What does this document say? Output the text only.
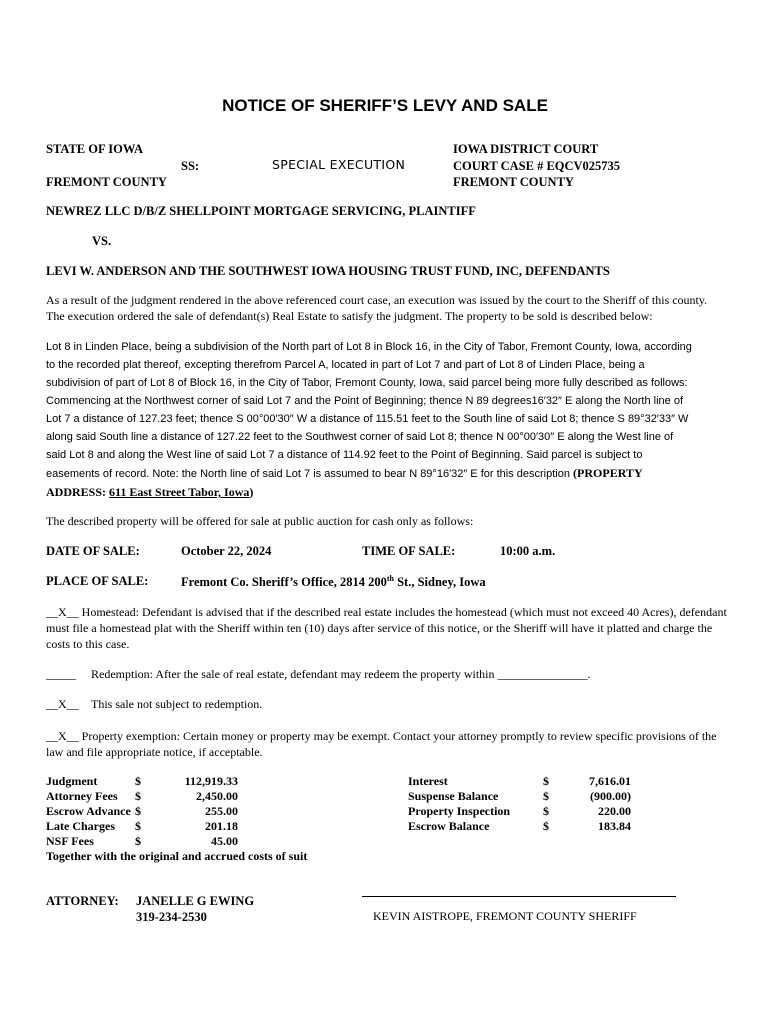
NOTICE OF SHERIFF’S LEVY AND SALE
STATE OF IOWA
SS:
FREMONT COUNTY
SPECIAL EXECUTION
IOWA DISTRICT COURT
COURT CASE # EQCV025735
FREMONT COUNTY
NEWREZ LLC D/B/Z SHELLPOINT MORTGAGE SERVICING, PLAINTIFF
VS.
LEVI W. ANDERSON AND THE SOUTHWEST IOWA HOUSING TRUST FUND, INC, DEFENDANTS
As a result of the judgment rendered in the above referenced court case, an execution was issued by the court to the Sheriff of this county. The execution ordered the sale of defendant(s) Real Estate to satisfy the judgment. The property to be sold is described below:
Lot 8 in Linden Place, being a subdivision of the North part of Lot 8 in Block 16, in the City of Tabor, Fremont County, Iowa, according
to the recorded plat thereof, excepting therefrom Parcel A, located in part of Lot 7 and part of Lot 8 of Linden Place, being a
subdivision of part of Lot 8 of Block 16, in the City of Tabor, Fremont County, Iowa, said parcel being more fully described as follows:
Commencing at the Northwest corner of said Lot 7 and the Point of Beginning; thence N 89 degrees16′32″ E along the North line of
Lot 7 a distance of 127.23 feet; thence S 00°00′30″ W a distance of 115.51 feet to the South line of said Lot 8; thence S 89°32′33″ W
along said South line a distance of 127.22 feet to the Southwest corner of said Lot 8; thence N 00°00′30″ E along the West line of
said Lot 8 and along the West line of said Lot 7 a distance of 114.92 feet to the Point of Beginning. Said parcel is subject to
easements of record. Note: the North line of said Lot 7 is assumed to bear N 89°16′32″ E for this description (PROPERTY
ADDRESS: 611 East Street Tabor, Iowa)
The described property will be offered for sale at public auction for cash only as follows:
DATE OF SALE:	October 22, 2024	TIME OF SALE:	10:00 a.m.
PLACE OF SALE:	Fremont Co. Sheriff’s Office, 2814 200th St., Sidney, Iowa
__X__ Homestead: Defendant is advised that if the described real estate includes the homestead (which must not exceed 40 Acres), defendant must file a homestead plat with the Sheriff within ten (10) days after service of this notice, or the Sheriff will have it platted and charge the costs to this case.
_____ Redemption: After the sale of real estate, defendant may redeem the property within _______________.
__X__ This sale not subject to redemption.
__X__ Property exemption: Certain money or property may be exempt. Contact your attorney promptly to review specific provisions of the law and file appropriate notice, if acceptable.
Judgment	$	112,919.33
Attorney Fees $	2,450.00
Escrow Advance $	255.00
Late Charges $	201.18
NSF Fees	$	45.00
Interest	$	7,616.01
Suspense Balance	$	(900.00)
Property Inspection	$	220.00
Escrow Balance	$	183.84
Together with the original and accrued costs of suit
ATTORNEY: JANELLE G EWING
319-234-2530	KEVIN AISTROPE, FREMONT COUNTY SHERIFF
